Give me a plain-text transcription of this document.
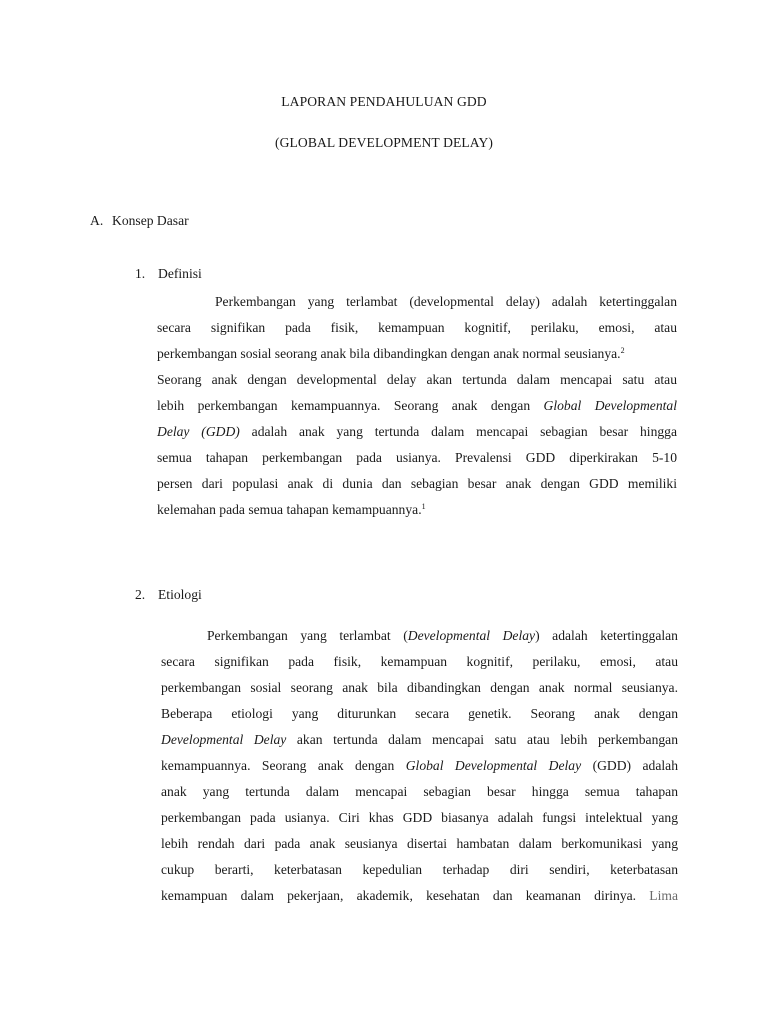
LAPORAN PENDAHULUAN GDD
(GLOBAL DEVELOPMENT DELAY)
A. Konsep Dasar
1. Definisi
Perkembangan yang terlambat (developmental delay) adalah ketertinggalan
secara signifikan pada fisik, kemampuan kognitif, perilaku, emosi, atau
perkembangan sosial seorang anak bila dibandingkan dengan anak normal seusianya.$^2$
Seorang anak dengan developmental delay akan tertunda dalam mencapai satu atau
lebih perkembangan kemampuannya. Seorang anak dengan Global Developmental
Delay (GDD) adalah anak yang tertunda dalam mencapai sebagian besar hingga
semua tahapan perkembangan pada usianya. Prevalensi GDD diperkirakan 5-10
persen dari populasi anak di dunia dan sebagian besar anak dengan GDD memiliki
kelemahan pada semua tahapan kemampuannya.$^1$
2. Etiologi
Perkembangan yang terlambat (Developmental Delay) adalah ketertinggalan
secara signifikan pada fisik, kemampuan kognitif, perilaku, emosi, atau
perkembangan sosial seorang anak bila dibandingkan dengan anak normal seusianya.
Beberapa etiologi yang diturunkan secara genetik. Seorang anak dengan
Developmental Delay akan tertunda dalam mencapai satu atau lebih perkembangan
kemampuannya. Seorang anak dengan Global Developmental Delay (GDD) adalah
anak yang tertunda dalam mencapai sebagian besar hingga semua tahapan
perkembangan pada usianya. Ciri khas GDD biasanya adalah fungsi intelektual yang
lebih rendah dari pada anak seusianya disertai hambatan dalam berkomunikasi yang
cukup berarti, keterbatasan kepedulian terhadap diri sendiri, keterbatasan
kemampuan dalam pekerjaan, akademik, kesehatan dan keamanan dirinya. Lima
